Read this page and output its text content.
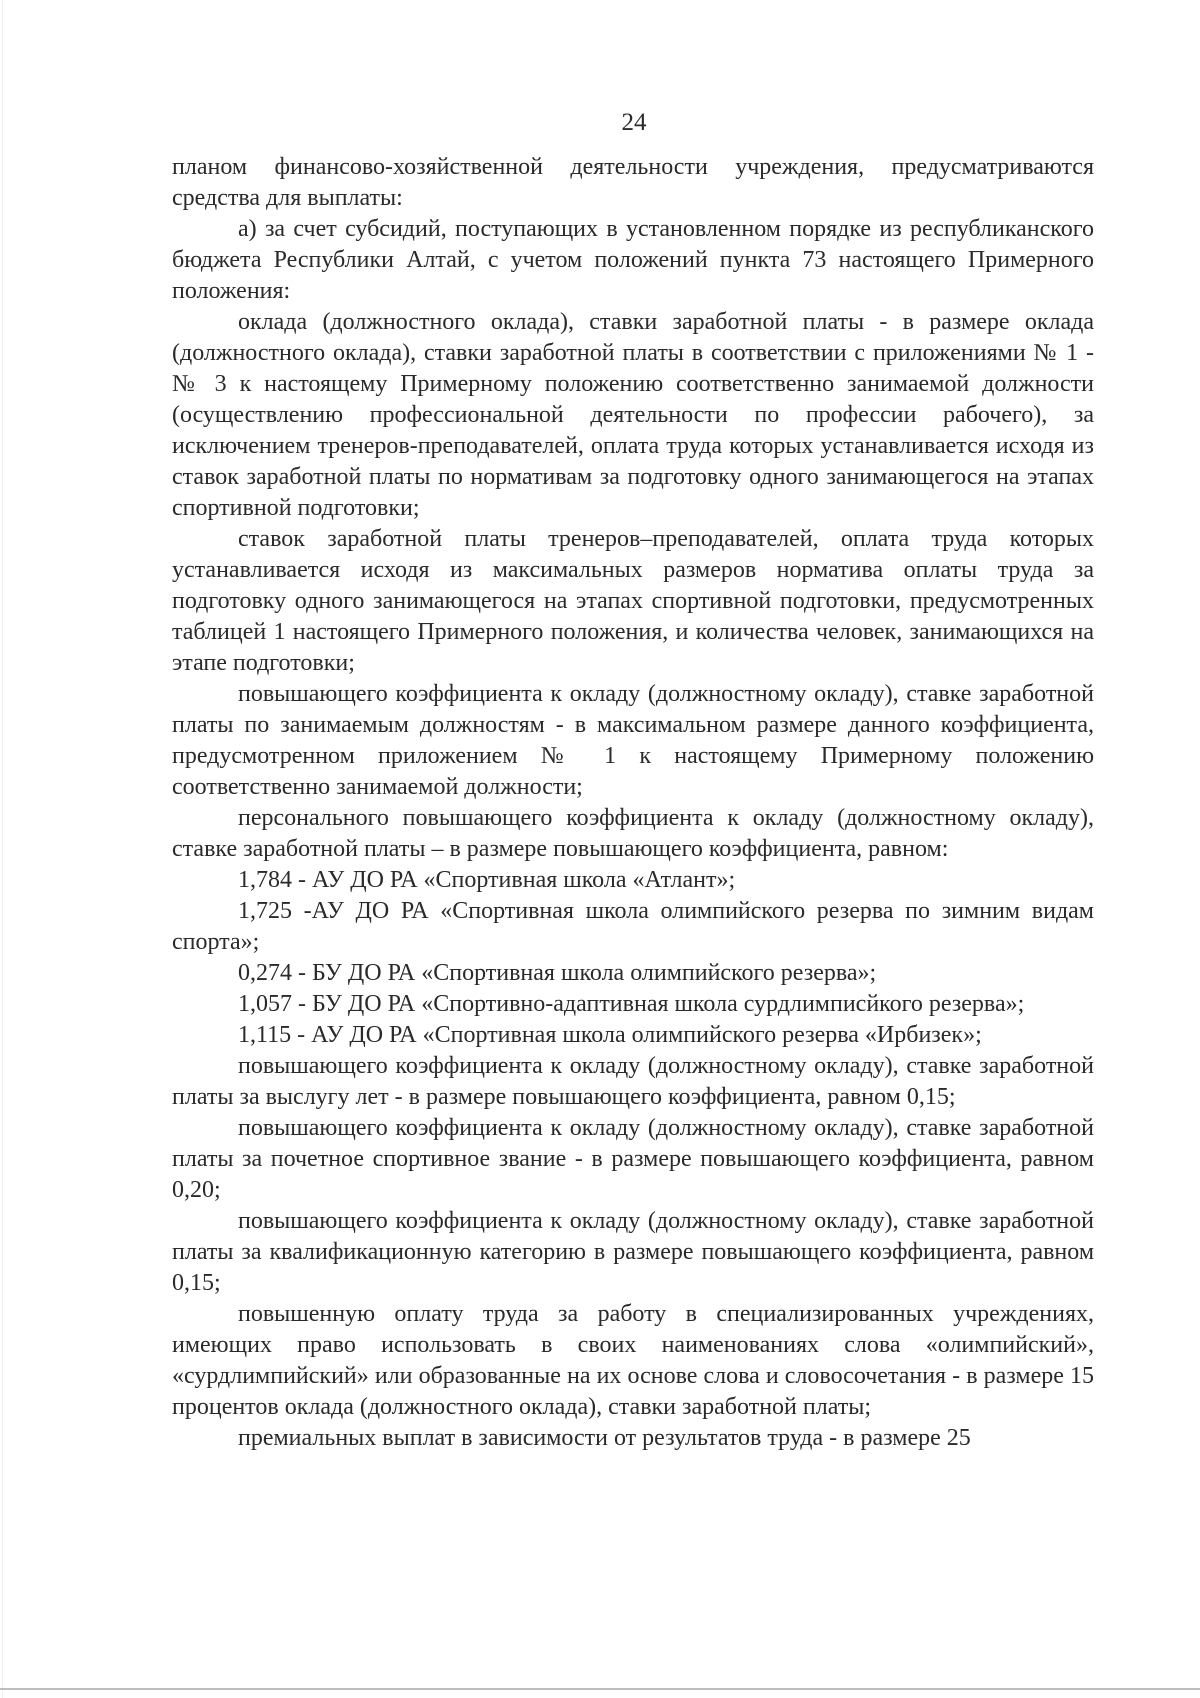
24

планом финансово-хозяйственной деятельности учреждения, предусматриваются средства для выплаты:

а) за счет субсидий, поступающих в установленном порядке из республиканского бюджета Республики Алтай, с учетом положений пункта 73 настоящего Примерного положения:

оклада (должностного оклада), ставки заработной платы - в размере оклада (должностного оклада), ставки заработной платы в соответствии с приложениями № 1 - № 3 к настоящему Примерному положению соответственно занимаемой должности (осуществлению профессиональной деятельности по профессии рабочего), за исключением тренеров-преподавателей, оплата труда которых устанавливается исходя из ставок заработной платы по нормативам за подготовку одного занимающегося на этапах спортивной подготовки;

ставок заработной платы тренеров–преподавателей, оплата труда которых устанавливается исходя из максимальных размеров норматива оплаты труда за подготовку одного занимающегося на этапах спортивной подготовки, предусмотренных таблицей 1 настоящего Примерного положения, и количества человек, занимающихся на этапе подготовки;

повышающего коэффициента к окладу (должностному окладу), ставке заработной платы по занимаемым должностям - в максимальном размере данного коэффициента, предусмотренном приложением № 1 к настоящему Примерному положению соответственно занимаемой должности;

персонального повышающего коэффициента к окладу (должностному окладу), ставке заработной платы – в размере повышающего коэффициента, равном:

1,784 - АУ ДО РА «Спортивная школа «Атлант»;

1,725 -АУ ДО РА «Спортивная школа олимпийского резерва по зимним видам спорта»;

0,274 - БУ ДО РА «Спортивная школа олимпийского резерва»;

1,057 - БУ ДО РА «Спортивно-адаптивная школа сурдлимписйкого резерва»;

1,115 - АУ ДО РА «Спортивная школа олимпийского резерва «Ирбизек»;

повышающего коэффициента к окладу (должностному окладу), ставке заработной платы за выслугу лет - в размере повышающего коэффициента, равном 0,15;

повышающего коэффициента к окладу (должностному окладу), ставке заработной платы за почетное спортивное звание - в размере повышающего коэффициента, равном 0,20;

повышающего коэффициента к окладу (должностному окладу), ставке заработной платы за квалификационную категорию в размере повышающего коэффициента, равном 0,15;

повышенную оплату труда за работу в специализированных учреждениях, имеющих право использовать в своих наименованиях слова «олимпийский», «сурдлимпийский» или образованные на их основе слова и словосочетания - в размере 15 процентов оклада (должностного оклада), ставки заработной платы;

премиальных выплат в зависимости от результатов труда - в размере 25
